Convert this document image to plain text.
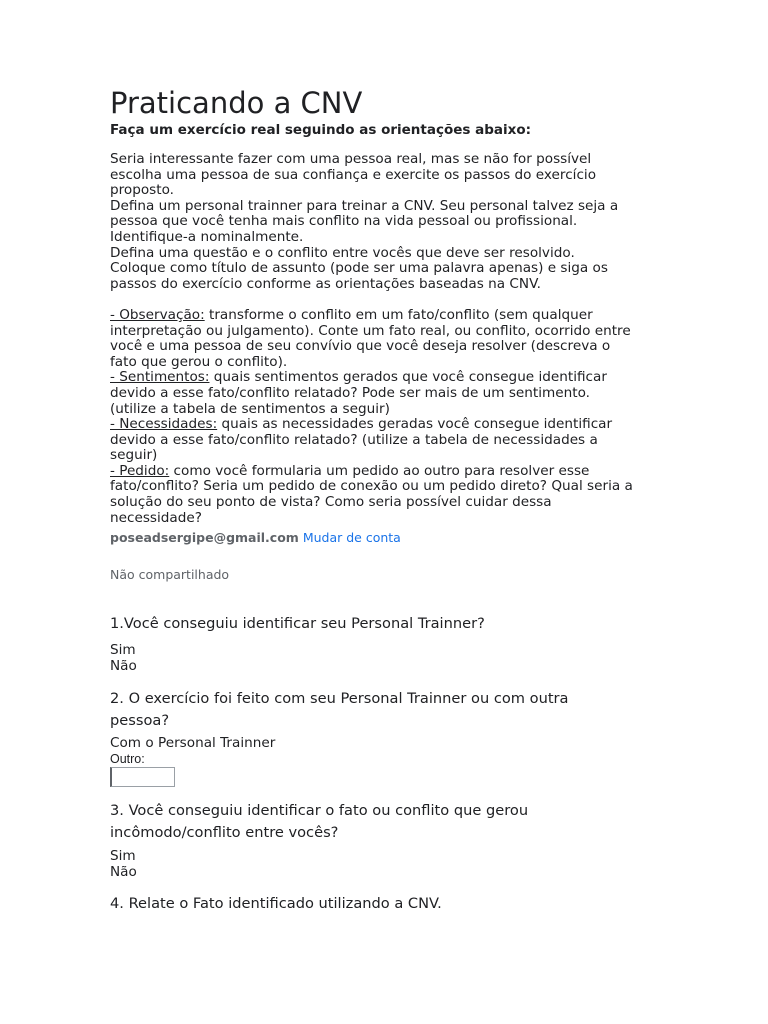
Praticando a CNV
Faça um exercício real seguindo as orientações abaixo:

Seria interessante fazer com uma pessoa real, mas se não for possível

escolha uma pessoa de sua confiança e exercite os passos do exercício

proposto.

Defina um personal trainner para treinar a CNV. Seu personal talvez seja a

pessoa que você tenha mais conflito na vida pessoal ou profissional.

Identifique-a nominalmente.

Defina uma questão e o conflito entre vocês que deve ser resolvido.

Coloque como título de assunto (pode ser uma palavra apenas) e siga os

passos do exercício conforme as orientações baseadas na CNV.

- Observação: transforme o conflito em um fato/conflito (sem qualquer

interpretação ou julgamento). Conte um fato real, ou conflito, ocorrido entre

você e uma pessoa de seu convívio que você deseja resolver (descreva o

fato que gerou o conflito).

- Sentimentos: quais sentimentos gerados que você consegue identificar

devido a esse fato/conflito relatado? Pode ser mais de um sentimento.

(utilize a tabela de sentimentos a seguir)

- Necessidades: quais as necessidades geradas você consegue identificar

devido a esse fato/conflito relatado? (utilize a tabela de necessidades a

seguir)

- Pedido: como você formularia um pedido ao outro para resolver esse

fato/conflito? Seria um pedido de conexão ou um pedido direto? Qual seria a

solução do seu ponto de vista? Como seria possível cuidar dessa

necessidade?

poseadsergipe@gmail.com Mudar de conta
Não compartilhado

1.Você conseguiu identificar seu Personal Trainner?

Sim
Não

2. O exercício foi feito com seu Personal Trainner ou com outra

pessoa?

Com o Personal Trainner
Outro:

3. Você conseguiu identificar o fato ou conflito que gerou

incômodo/conflito entre vocês?

Sim
Não

4. Relate o Fato identificado utilizando a CNV.
